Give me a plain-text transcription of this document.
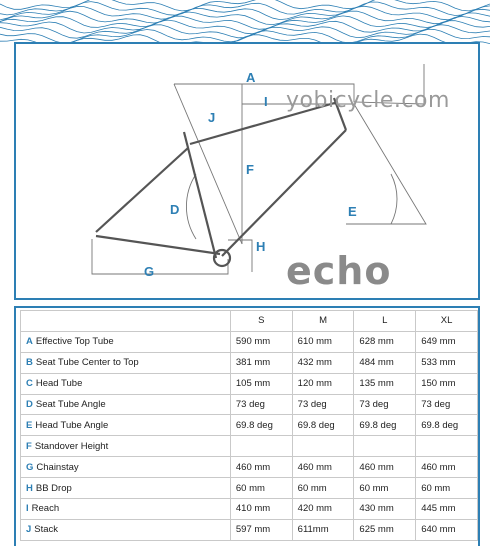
yobicycle.com
echo
A
I
J
F
D	E
H
G
	S	M	L	XL
A Effective Top Tube	590 mm	610 mm	628 mm	649 mm
B Seat Tube Center to Top	381 mm	432 mm	484 mm	533 mm
C Head Tube	105 mm	120 mm	135 mm	150 mm
D Seat Tube Angle	73 deg	73 deg	73 deg	73 deg
E Head Tube Angle	69.8 deg	69.8 deg	69.8 deg	69.8 deg
F Standover Height				
G Chainstay	460 mm	460 mm	460 mm	460 mm
H BB Drop	60 mm	60 mm	60 mm	60 mm
I Reach	410 mm	420 mm	430 mm	445 mm
J Stack	597 mm	611mm	625 mm	640 mm
